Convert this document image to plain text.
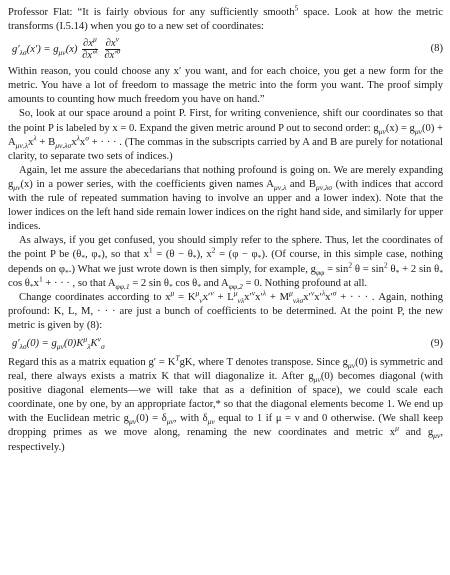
Professor Flat: “It is fairly obvious for any sufficiently smooth$^5$ space. Look at how the metric transforms (I.5.14) when you go to a new set of coordinates:

$g'_{\lambda\sigma}(x') = g_{\mu\nu}(x) \frac{\partial x^\mu}{\partial x'^\lambda}$
$\frac{\partial x^\nu}{\partial x'^\sigma}$	(8)

Within reason, you could choose any x′ you want, and for each choice, you get a new form for the metric. You have a lot of freedom to massage the metric into the form you want. The proof simply amounts to counting how much freedom you have on hand.”

So, look at our space around a point P. First, for writing convenience, shift our coordinates so that the point P is labeled by x = 0. Expand the given metric around P out to second order: $g_{\mu\nu}(x) = g_{\mu\nu}(0) + A_{\mu\nu,\lambda}x^\lambda + B_{\mu\nu,\lambda\sigma}x^\lambda x^\sigma$ + · · · . (The commas in the subscripts carried by A and B are purely for notational clarity, to separate two sets of indices.)

Again, let me assure the abecedarians that nothing profound is going on. We are merely expanding $g_{\mu\nu}(x)$ in a power series, with the coefficients given names $A_{\mu\nu,\lambda}$ and $B_{\mu\nu,\lambda\sigma}$ (with indices that accord with the rule of repeated summation having to involve an upper and a lower index). Note that the lower indices on the left hand side remain lower indices on the right hand side, and similarly for upper indices.

As always, if you get confused, you should simply refer to the sphere. Thus, let the coordinates of the point P be ($\theta_*$, $\varphi_*$), so that $x^1 = (\theta - \theta_*)$, $x^2 = (\varphi - \varphi_*)$. (Of course, in this simple case, nothing depends on $\varphi_*$.) What we just wrote down is then simply, for example, $g_{\varphi\varphi} = \sin^2 \theta = \sin^2 \theta_* + 2$ $\sin \theta_*$ $\cos \theta_*x^1$ + · · · , so that $A_{\varphi\varphi,1} = 2$ $\sin \theta_*$ $\cos \theta_*$ and $A_{\varphi\varphi,2} = 0$. Nothing profound at all.

Change coordinates according to $x^\mu = K^\mu_\nu x'^\nu + L^\mu_{\nu\lambda}x'^\nu x'^\lambda + M^\mu_{\nu\lambda\sigma}x'^\nu x'^\lambda x'^\sigma$ + · · · . Again, nothing profound: K, L, M, · · · are just a bunch of coefficients to be determined. At the point P, the new metric is given by (8):

$g'_{\lambda\sigma}(0) = g_{\mu\nu}(0)K^\mu_\lambda K^\nu_\sigma$	(9)

Regard this as a matrix equation $g' = K^TgK$, where T denotes transpose. Since $g_{\mu\nu}(0)$ is symmetric and real, there always exists a matrix K that will diagonalize it. After $g_{\mu\nu}(0)$ becomes diagonal (with positive diagonal elements—we will take that as a definition of space), we could scale each coordinate, one by one, by an appropriate factor,* so that the diagonal elements become 1. We end up with the Euclidean metric $g_{\mu\nu}(0) = \delta_{\mu\nu}$, with $\delta_{\mu\nu}$ equal to 1 if μ = ν and 0 otherwise. (We shall keep dropping primes as we move along, renaming the new coordinates and metric $x^\mu$ and $g_{\mu\nu}$, respectively.)
